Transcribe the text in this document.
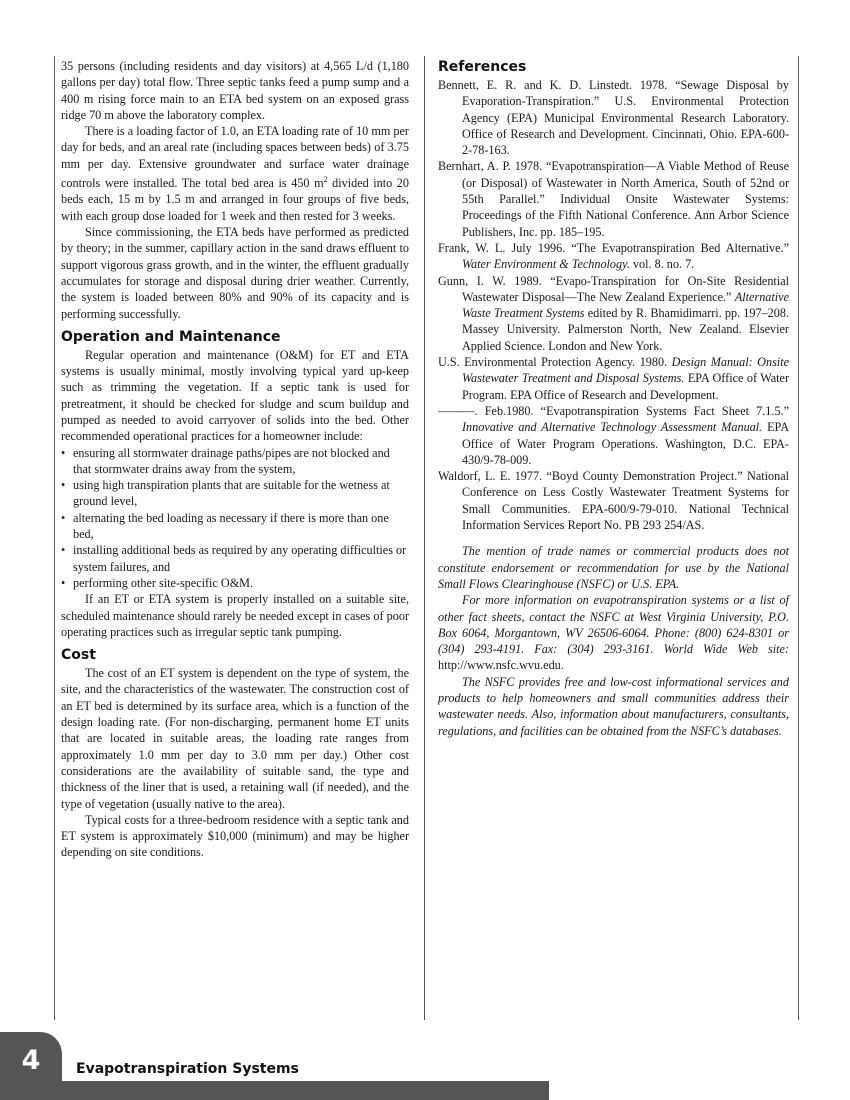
35 persons (including residents and day visitors) at 4,565 L/d (1,180 gallons per day) total flow. Three septic tanks feed a pump sump and a 400 m rising force main to an ETA bed system on an exposed grass ridge 70 m above the laboratory complex.

There is a loading factor of 1.0, an ETA loading rate of 10 mm per day for beds, and an areal rate (including spaces between beds) of 3.75 mm per day. Extensive groundwater and surface water drainage controls were installed. The total bed area is 450 $m^2$ divided into 20 beds each, 15 m by 1.5 m and arranged in four groups of five beds, with each group dose loaded for 1 week and then rested for 3 weeks.

Since commissioning, the ETA beds have performed as predicted by theory; in the summer, capillary action in the sand draws effluent to support vigorous grass growth, and in the winter, the effluent gradually accumulates for storage and disposal during drier weather. Currently, the system is loaded between 80% and 90% of its capacity and is performing successfully.

Operation and Maintenance

Regular operation and maintenance (O&M) for ET and ETA systems is usually minimal, mostly involving typical yard up-keep such as trimming the vegetation. If a septic tank is used for pretreatment, it should be checked for sludge and scum buildup and pumped as needed to avoid carryover of solids into the bed. Other recommended operational practices for a homeowner include:

• ensuring all stormwater drainage paths/pipes are not blocked and that stormwater drains away from the system,
• using high transpiration plants that are suitable for the wetness at ground level,
• alternating the bed loading as necessary if there is more than one bed,
• installing additional beds as required by any operating difficulties or system failures, and
• performing other site-specific O&M.

If an ET or ETA system is properly installed on a suitable site, scheduled maintenance should rarely be needed except in cases of poor operating practices such as irregular septic tank pumping.

Cost

The cost of an ET system is dependent on the type of system, the site, and the characteristics of the wastewater. The construction cost of an ET bed is determined by its surface area, which is a function of the design loading rate. (For non-discharging, permanent home ET units that are located in suitable areas, the loading rate ranges from approximately 1.0 mm per day to 3.0 mm per day.) Other cost considerations are the availability of suitable sand, the type and thickness of the liner that is used, a retaining wall (if needed), and the type of vegetation (usually native to the area).

Typical costs for a three-bedroom residence with a septic tank and ET system is approximately $10,000 (minimum) and may be higher depending on site conditions.

References

Bennett, E. R. and K. D. Linstedt. 1978. “Sewage Disposal by Evaporation-Transpiration.” U.S. Environmental Protection Agency (EPA) Municipal Environmental Research Laboratory. Office of Research and Development. Cincinnati, Ohio. EPA-600-2-78-163.

Bernhart, A. P. 1978. “Evapotranspiration—A Viable Method of Reuse (or Disposal) of Wastewater in North America, South of 52nd or 55th Parallel.” Individual Onsite Wastewater Systems: Proceedings of the Fifth National Conference. Ann Arbor Science Publishers, Inc. pp. 185–195.

Frank, W. L. July 1996. “The Evapotranspiration Bed Alternative.” Water Environment & Technology. vol. 8. no. 7.

Gunn, I. W. 1989. “Evapo-Transpiration for On-Site Residential Wastewater Disposal—The New Zealand Experience.” Alternative Waste Treatment Systems edited by R. Bhamidimarri. pp. 197–208. Massey University. Palmerston North, New Zealand. Elsevier Applied Science. London and New York.

U.S. Environmental Protection Agency. 1980. Design Manual: Onsite Wastewater Treatment and Disposal Systems. EPA Office of Water Program. EPA Office of Research and Development.

———. Feb.1980. “Evapotranspiration Systems Fact Sheet 7.1.5.” Innovative and Alternative Technology Assessment Manual. EPA Office of Water Program Operations. Washington, D.C. EPA-430/9-78-009.

Waldorf, L. E. 1977. “Boyd County Demonstration Project.” National Conference on Less Costly Wastewater Treatment Systems for Small Communities. EPA-600/9-79-010. National Technical Information Services Report No. PB 293 254/AS.

The mention of trade names or commercial products does not constitute endorsement or recommendation for use by the National Small Flows Clearinghouse (NSFC) or U.S. EPA.

For more information on evapotranspiration systems or a list of other fact sheets, contact the NSFC at West Virginia University, P.O. Box 6064, Morgantown, WV 26506-6064. Phone: (800) 624-8301 or (304) 293-4191. Fax: (304) 293-3161. World Wide Web site: http://www.nsfc.wvu.edu.

The NSFC provides free and low-cost informational services and products to help homeowners and small communities address their wastewater needs. Also, information about manufacturers, consultants, regulations, and facilities can be obtained from the NSFC’s databases.

4	Evapotranspiration Systems
